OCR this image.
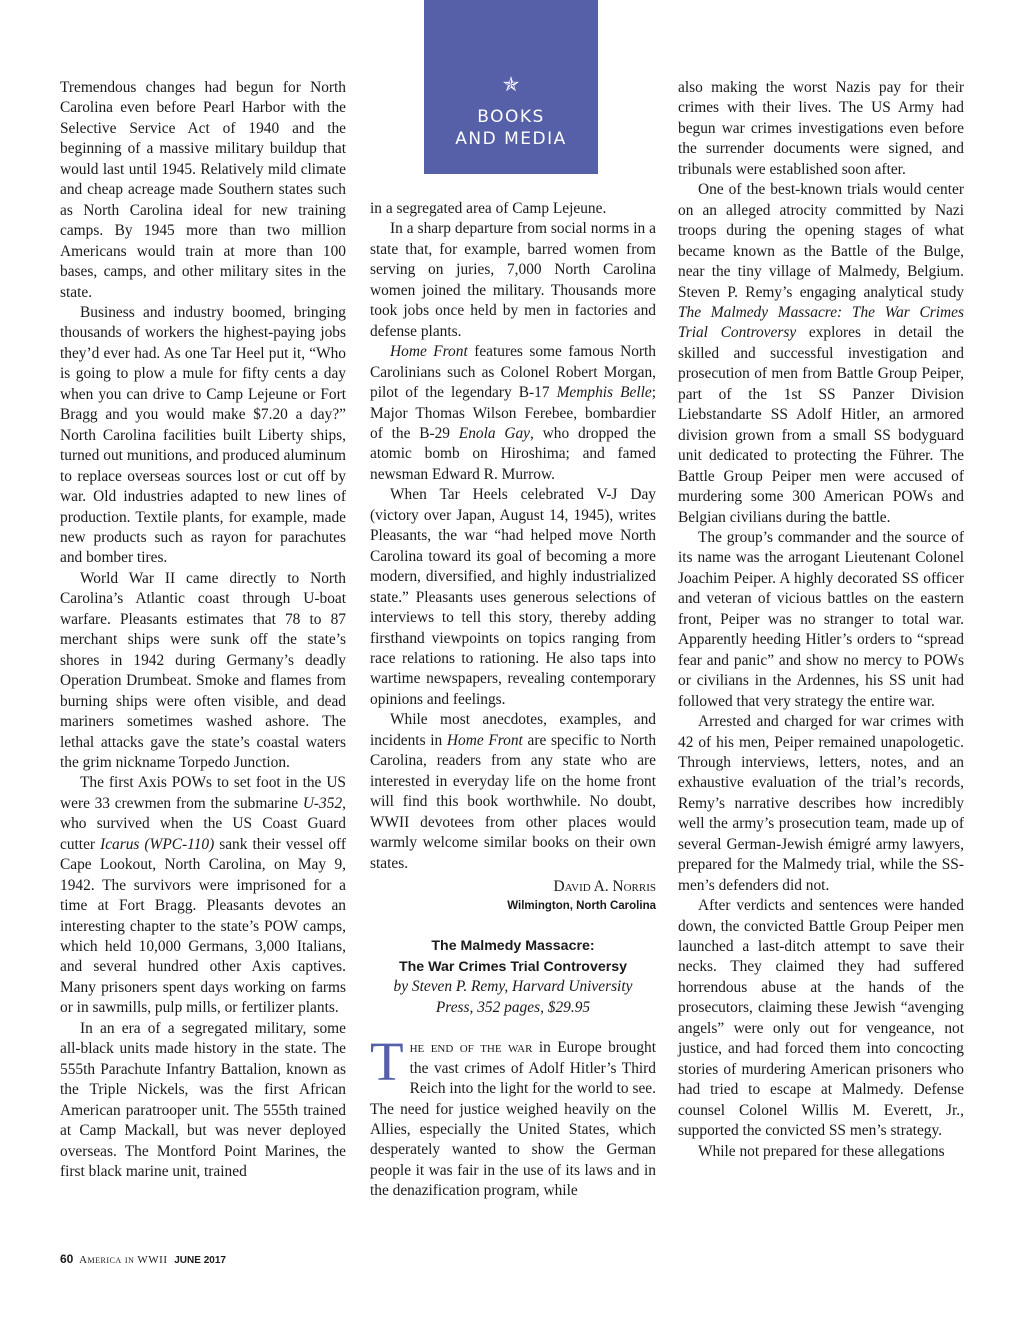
✯
BOOKS
AND MEDIA

Tremendous changes had begun for North Carolina even before Pearl Harbor with the Selective Service Act of 1940 and the beginning of a massive military buildup that would last until 1945. Relatively mild climate and cheap acreage made Southern states such as North Carolina ideal for new training camps. By 1945 more than two million Americans would train at more than 100 bases, camps, and other military sites in the state.

Business and industry boomed, bringing thousands of workers the highest-paying jobs they’d ever had. As one Tar Heel put it, “Who is going to plow a mule for fifty cents a day when you can drive to Camp Lejeune or Fort Bragg and you would make $7.20 a day?” North Carolina facilities built Liberty ships, turned out munitions, and produced aluminum to replace overseas sources lost or cut off by war. Old industries adapted to new lines of production. Textile plants, for example, made new products such as rayon for parachutes and bomber tires.

World War II came directly to North Carolina’s Atlantic coast through U-boat warfare. Pleasants estimates that 78 to 87 merchant ships were sunk off the state’s shores in 1942 during Germany’s deadly Operation Drumbeat. Smoke and flames from burning ships were often visible, and dead mariners sometimes washed ashore. The lethal attacks gave the state’s coastal waters the grim nickname Torpedo Junction.

The first Axis POWs to set foot in the US were 33 crewmen from the submarine U-352, who survived when the US Coast Guard cutter Icarus (WPC-110) sank their vessel off Cape Lookout, North Carolina, on May 9, 1942. The survivors were imprisoned for a time at Fort Bragg. Pleasants devotes an interesting chapter to the state’s POW camps, which held 10,000 Germans, 3,000 Italians, and several hundred other Axis captives. Many prisoners spent days working on farms or in sawmills, pulp mills, or fertilizer plants.

In an era of a segregated military, some all-black units made history in the state. The 555th Parachute Infantry Battalion, known as the Triple Nickels, was the first African American paratrooper unit. The 555th trained at Camp Mackall, but was never deployed overseas. The Montford Point Marines, the first black marine unit, trained

in a segregated area of Camp Lejeune.

In a sharp departure from social norms in a state that, for example, barred women from serving on juries, 7,000 North Carolina women joined the military. Thousands more took jobs once held by men in factories and defense plants.

Home Front features some famous North Carolinians such as Colonel Robert Morgan, pilot of the legendary B-17 Memphis Belle; Major Thomas Wilson Ferebee, bombardier of the B-29 Enola Gay, who dropped the atomic bomb on Hiroshima; and famed newsman Edward R. Murrow.

When Tar Heels celebrated V-J Day (victory over Japan, August 14, 1945), writes Pleasants, the war “had helped move North Carolina toward its goal of becoming a more modern, diversified, and highly industrialized state.” Pleasants uses generous selections of interviews to tell this story, thereby adding firsthand viewpoints on topics ranging from race relations to rationing. He also taps into wartime newspapers, revealing contemporary opinions and feelings.

While most anecdotes, examples, and incidents in Home Front are specific to North Carolina, readers from any state who are interested in everyday life on the home front will find this book worthwhile. No doubt, WWII devotees from other places would warmly welcome similar books on their own states.

David A. Norris
Wilmington, North Carolina
The Malmedy Massacre:
The War Crimes Trial Controversy
by Steven P. Remy, Harvard University
Press, 352 pages, $29.95

The end of the war in Europe brought the vast crimes of Adolf Hitler’s Third Reich into the light for the world to see. The need for justice weighed heavily on the Allies, especially the United States, which desperately wanted to show the German people it was fair in the use of its laws and in the denazification program, while

also making the worst Nazis pay for their crimes with their lives. The US Army had begun war crimes investigations even before the surrender documents were signed, and tribunals were established soon after.

One of the best-known trials would center on an alleged atrocity committed by Nazi troops during the opening stages of what became known as the Battle of the Bulge, near the tiny village of Malmedy, Belgium. Steven P. Remy’s engaging analytical study The Malmedy Massacre: The War Crimes Trial Controversy explores in detail the skilled and successful investigation and prosecution of men from Battle Group Peiper, part of the 1st SS Panzer Division Liebstandarte SS Adolf Hitler, an armored division grown from a small SS bodyguard unit dedicated to protecting the Führer. The Battle Group Peiper men were accused of murdering some 300 American POWs and Belgian civilians during the battle.

The group’s commander and the source of its name was the arrogant Lieutenant Colonel Joachim Peiper. A highly decorated SS officer and veteran of vicious battles on the eastern front, Peiper was no stranger to total war. Apparently heeding Hitler’s orders to “spread fear and panic” and show no mercy to POWs or civilians in the Ardennes, his SS unit had followed that very strategy the entire war.

Arrested and charged for war crimes with 42 of his men, Peiper remained unapologetic. Through interviews, letters, notes, and an exhaustive evaluation of the trial’s records, Remy’s narrative describes how incredibly well the army’s prosecution team, made up of several German-Jewish émigré army lawyers, prepared for the Malmedy trial, while the SS-men’s defenders did not.

After verdicts and sentences were handed down, the convicted Battle Group Peiper men launched a last-ditch attempt to save their necks. They claimed they had suffered horrendous abuse at the hands of the prosecutors, claiming these Jewish “avenging angels” were only out for vengeance, not justice, and had forced them into concocting stories of murdering American prisoners who had tried to escape at Malmedy. Defense counsel Colonel Willis M. Everett, Jr., supported the convicted SS men’s strategy.

While not prepared for these allegations

60 America in WWII JUNE 2017
